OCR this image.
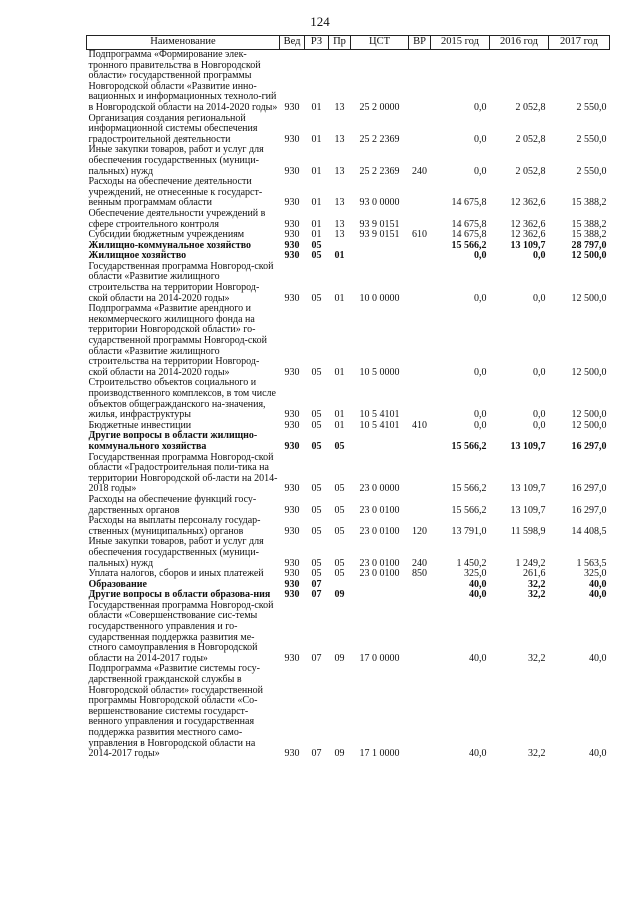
124
Наименование	Вед	РЗ	Пр	ЦСТ	ВР	2015 год	2016 год	2017 год
Подпрограмма «Формирование элек-тронного правительства в Новгородской области» государственной программы Новгородской области «Развитие инно-вационных и информационных техноло-гий в Новгородской области на 2014-2020 годы»	930	01	13	25 2 0000		0,0	2 052,8	2 550,0
Организация создания региональной информационной системы обеспечения градостроительной деятельности	930	01	13	25 2 2369		0,0	2 052,8	2 550,0
Иные закупки товаров, работ и услуг для обеспечения государственных (муници-пальных) нужд	930	01	13	25 2 2369	240	0,0	2 052,8	2 550,0
Расходы на обеспечение деятельности учреждений, не отнесенные к государст-венным программам области	930	01	13	93 0 0000		14 675,8	12 362,6	15 388,2
Обеспечение деятельности учреждений в сфере строительного контроля	930	01	13	93 9 0151		14 675,8	12 362,6	15 388,2
Субсидии бюджетным учреждениям	930	01	13	93 9 0151	610	14 675,8	12 362,6	15 388,2
Жилищно-коммунальное хозяйство	930	05				15 566,2	13 109,7	28 797,0
Жилищное хозяйство	930	05	01			0,0	0,0	12 500,0
Государственная программа Новгород-ской области «Развитие жилищного строительства на территории Новгород-ской области на 2014-2020 годы»	930	05	01	10 0 0000		0,0	0,0	12 500,0
Подпрограмма «Развитие арендного и некоммерческого жилищного фонда на территории Новгородской области» го-сударственной программы Новгород-ской области «Развитие жилищного строительства на территории Новгород-ской области на 2014-2020 годы»	930	05	01	10 5 0000		0,0	0,0	12 500,0
Строительство объектов социального и производственного комплексов, в том числе объектов общегражданского на-значения, жилья, инфраструктуры	930	05	01	10 5 4101		0,0	0,0	12 500,0
Бюджетные инвестиции	930	05	01	10 5 4101	410	0,0	0,0	12 500,0
Другие вопросы в области жилищно-коммунального хозяйства	930	05	05			15 566,2	13 109,7	16 297,0
Государственная программа Новгород-ской области «Градостроительная поли-тика на территории Новгородской об-ласти на 2014-2018 годы»	930	05	05	23 0 0000		15 566,2	13 109,7	16 297,0
Расходы на обеспечение функций госу-дарственных органов	930	05	05	23 0 0100		15 566,2	13 109,7	16 297,0
Расходы на выплаты персоналу государ-ственных (муниципальных) органов	930	05	05	23 0 0100	120	13 791,0	11 598,9	14 408,5
Иные закупки товаров, работ и услуг для обеспечения государственных (муници-пальных) нужд	930	05	05	23 0 0100	240	1 450,2	1 249,2	1 563,5
Уплата налогов, сборов и иных платежей	930	05	05	23 0 0100	850	325,0	261,6	325,0
Образование	930	07				40,0	32,2	40,0
Другие вопросы в области образова-ния	930	07	09			40,0	32,2	40,0
Государственная программа Новгород-ской области «Совершенствование сис-темы государственного управления и го-сударственная поддержка развития ме-стного самоуправления в Новгородской области на 2014-2017 годы»	930	07	09	17 0 0000		40,0	32,2	40,0
Подпрограмма «Развитие системы госу-дарственной гражданской службы в Новгородской области» государственной программы Новгородской области «Со-вершенствование системы государст-венного управления и государственная поддержка развития местного само-управления в Новгородской области на 2014-2017 годы»	930	07	09	17 1 0000		40,0	32,2	40,0
